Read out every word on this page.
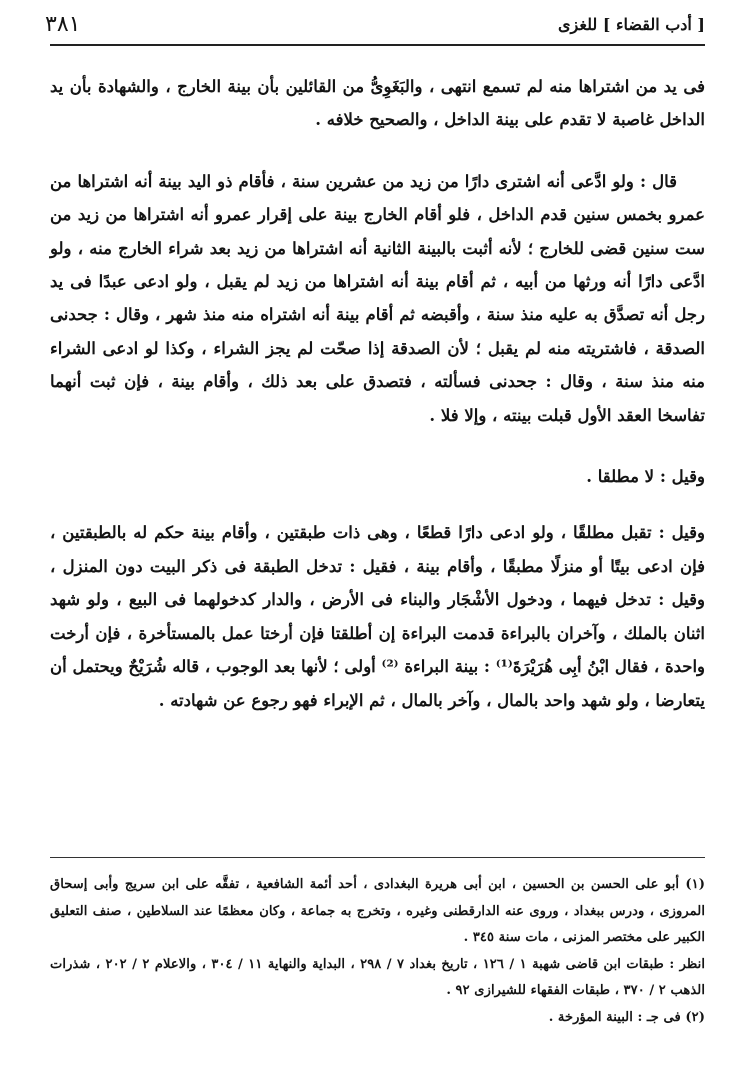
[ أدب القضاء ] للغزى
٣٨١

فى يد من اشتراها منه لم تسمع انتهى ، والبَغَوِىُّ من القائلين بأن بينة الخارج ، والشهادة بأن يد الداخل غاصبة لا تقدم على بينة الداخل ، والصحيح خلافه .

قال : ولو ادَّعى أنه اشترى دارًا من زيد من عشرين سنة ، فأقام ذو اليد بينة أنه اشتراها من عمرو بخمس سنين قدم الداخل ، فلو أقام الخارج بينة على إقرار عمرو أنه اشتراها من زيد من ست سنين قضى للخارج ؛ لأنه أثبت بالبينة الثانية أنه اشتراها من زيد بعد شراء الخارج منه ، ولو ادَّعى دارًا أنه ورثها من أبيه ، ثم أقام بينة أنه اشتراها من زيد لم يقبل ، ولو ادعى عبدًا فى يد رجل أنه تصدَّق به عليه منذ سنة ، وأقبضه ثم أقام بينة أنه اشتراه منه منذ شهر ، وقال : جحدنى الصدقة ، فاشتريته منه لم يقبل ؛ لأن الصدقة إذا صحّت لم يجز الشراء ، وكذا لو ادعى الشراء منه منذ سنة ، وقال : جحدنى فسألته ، فتصدق على بعد ذلك ، وأقام بينة ، فإن ثبت أنهما تفاسخا العقد الأول قبلت بينته ، وإلا فلا .

وقيل : لا مطلقا .

وقيل : تقبل مطلقًا ، ولو ادعى دارًا قطعًا ، وهى ذات طبقتين ، وأقام بينة حكم له بالطبقتين ، فإن ادعى بيتًا أو منزلًا مطبقًا ، وأقام بينة ، فقيل : تدخل الطبقة فى ذكر البيت دون المنزل ، وقيل : تدخل فيهما ، ودخول الأشْجَار والبناء فى الأرض ، والدار كدخولهما فى البيع ، ولو شهد اثنان بالملك ، وآخران بالبراءة قدمت البراءة إن أطلقتا فإن أرختا عمل بالمستأخرة ، فإن أرخت واحدة ، فقال ابْنُ أبِى هُرَيْرَةَ⁽¹⁾ : بينة البراءة ⁽²⁾ أولى ؛ لأنها بعد الوجوب ، قاله شُرَيْحٌ ويحتمل أن يتعارضا ، ولو شهد واحد بالمال ، وآخر بالمال ، ثم الإبراء فهو رجوع عن شهادته .

(١) أبو على الحسن بن الحسين ، ابن أبى هريرة البغدادى ، أحد أئمة الشافعية ، تفقَّه على ابن سريج وأبى إسحاق المروزى ، ودرس ببغداد ، وروى عنه الدارقطنى وغيره ، وتخرج به جماعة ، وكان معظمًا عند السلاطين ، صنف التعليق الكبير على مختصر المزنى ، مات سنة ٣٤٥ .

انظر : طبقات ابن قاضى شهبة ١ / ١٢٦ ، تاريخ بغداد ٧ / ٢٩٨ ، البداية والنهاية ١١ / ٣٠٤ ، والاعلام ٢ / ٢٠٢ ، شذرات الذهب ٢ / ٣٧٠ ، طبقات الفقهاء للشيرازى ٩٢ .

(٢) فى جـ : البينة المؤرخة .
